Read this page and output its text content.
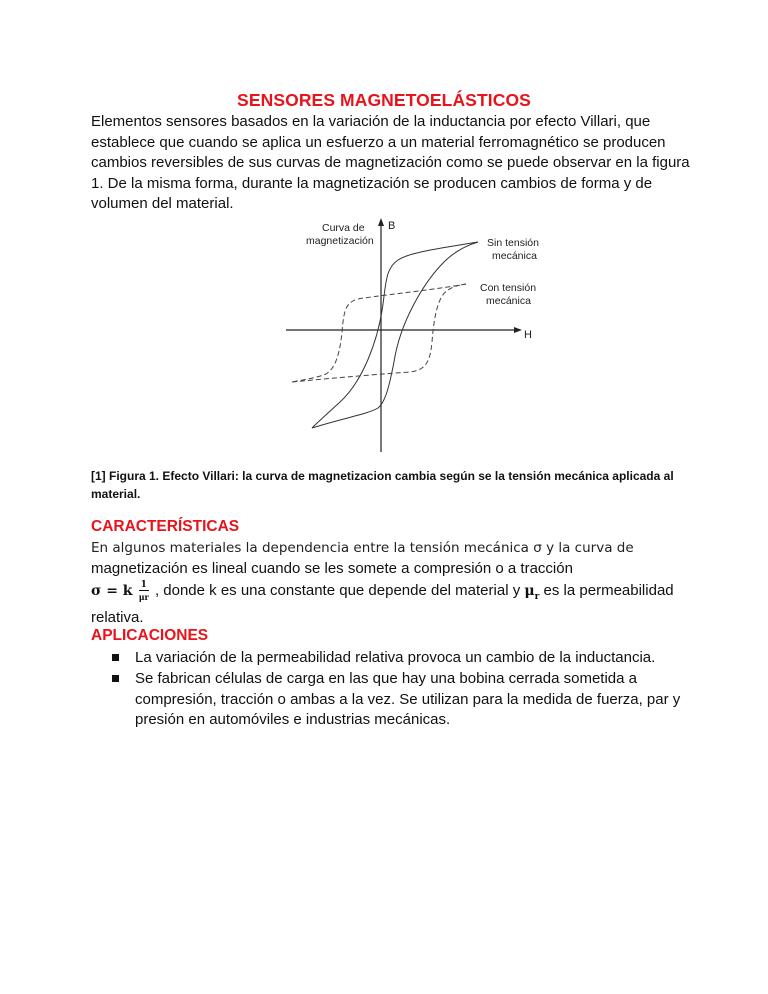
SENSORES MAGNETOELÁSTICOS
Elementos sensores basados en la variación de la inductancia por efecto Villari, que establece que cuando se aplica un esfuerzo a un material ferromagnético se producen cambios reversibles de sus curvas de magnetización como se puede observar en la figura 1. De la misma forma, durante la magnetización se producen cambios de forma y de volumen del material.
Curva de
magnetización
B
H
Sin tensión
mecánica
Con tensión
mecánica
[1] Figura 1. Efecto Villari: la curva de magnetizacion cambia según se la tensión mecánica aplicada al material.
CARACTERÍSTICAS
En algunos materiales la dependencia entre la tensión mecánica σ y la curva de
magnetización es lineal cuando se les somete a compresión o a tracción
σ = k $\frac{1}{\mu r}$ , donde k es una constante que depende del material y $\mu_r$ es la permeabilidad
relativa.
APLICACIONES
La variación de la permeabilidad relativa provoca un cambio de la inductancia.
Se fabrican células de carga en las que hay una bobina cerrada sometida a compresión, tracción o ambas a la vez. Se utilizan para la medida de fuerza, par y presión en automóviles e industrias mecánicas.
